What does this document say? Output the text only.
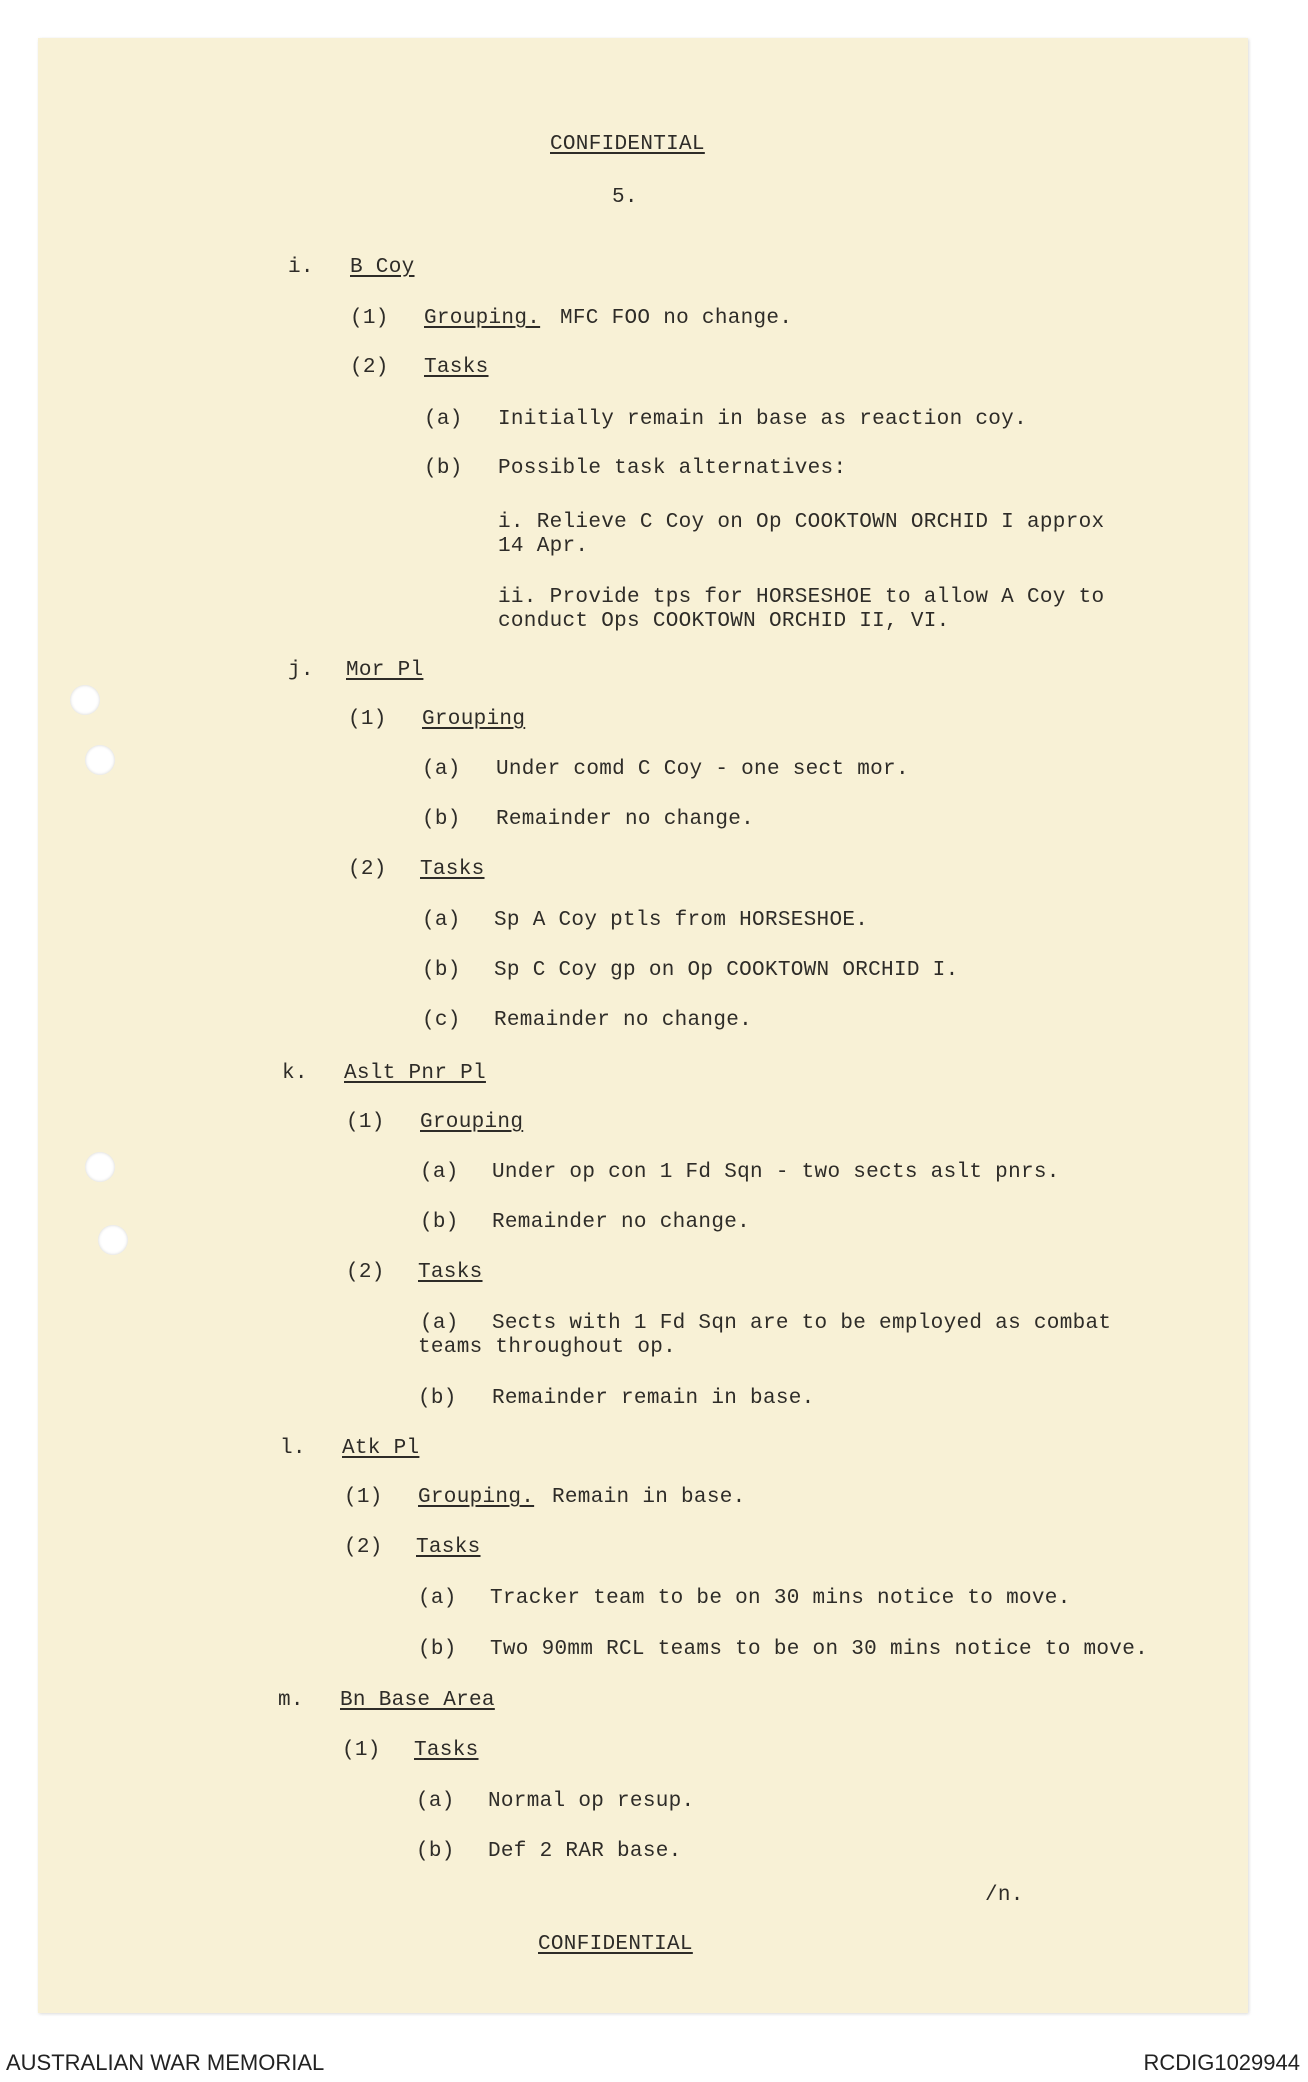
CONFIDENTIAL
5.
i. B Coy
(1) Grouping. MFC FOO no change.
(2) Tasks
(a) Initially remain in base as reaction coy.
(b) Possible task alternatives:
i. Relieve C Coy on Op COOKTOWN ORCHID I approx
14 Apr.
ii. Provide tps for HORSESHOE to allow A Coy to
conduct Ops COOKTOWN ORCHID II, VI.
j. Mor Pl
(1) Grouping
(a) Under comd C Coy - one sect mor.
(b) Remainder no change.
(2) Tasks
(a) Sp A Coy ptls from HORSESHOE.
(b) Sp C Coy gp on Op COOKTOWN ORCHID I.
(c) Remainder no change.
k. Aslt Pnr Pl
(1) Grouping
(a) Under op con 1 Fd Sqn - two sects aslt pnrs.
(b) Remainder no change.
(2) Tasks
(a) Sects with 1 Fd Sqn are to be employed as combat
teams throughout op.
(b) Remainder remain in base.
l. Atk Pl
(1) Grouping. Remain in base.
(2) Tasks
(a) Tracker team to be on 30 mins notice to move.
(b) Two 90mm RCL teams to be on 30 mins notice to move.
m. Bn Base Area
(1) Tasks
(a) Normal op resup.
(b) Def 2 RAR base.
/n.
CONFIDENTIAL
AUSTRALIAN WAR MEMORIAL	RCDIG1029944
